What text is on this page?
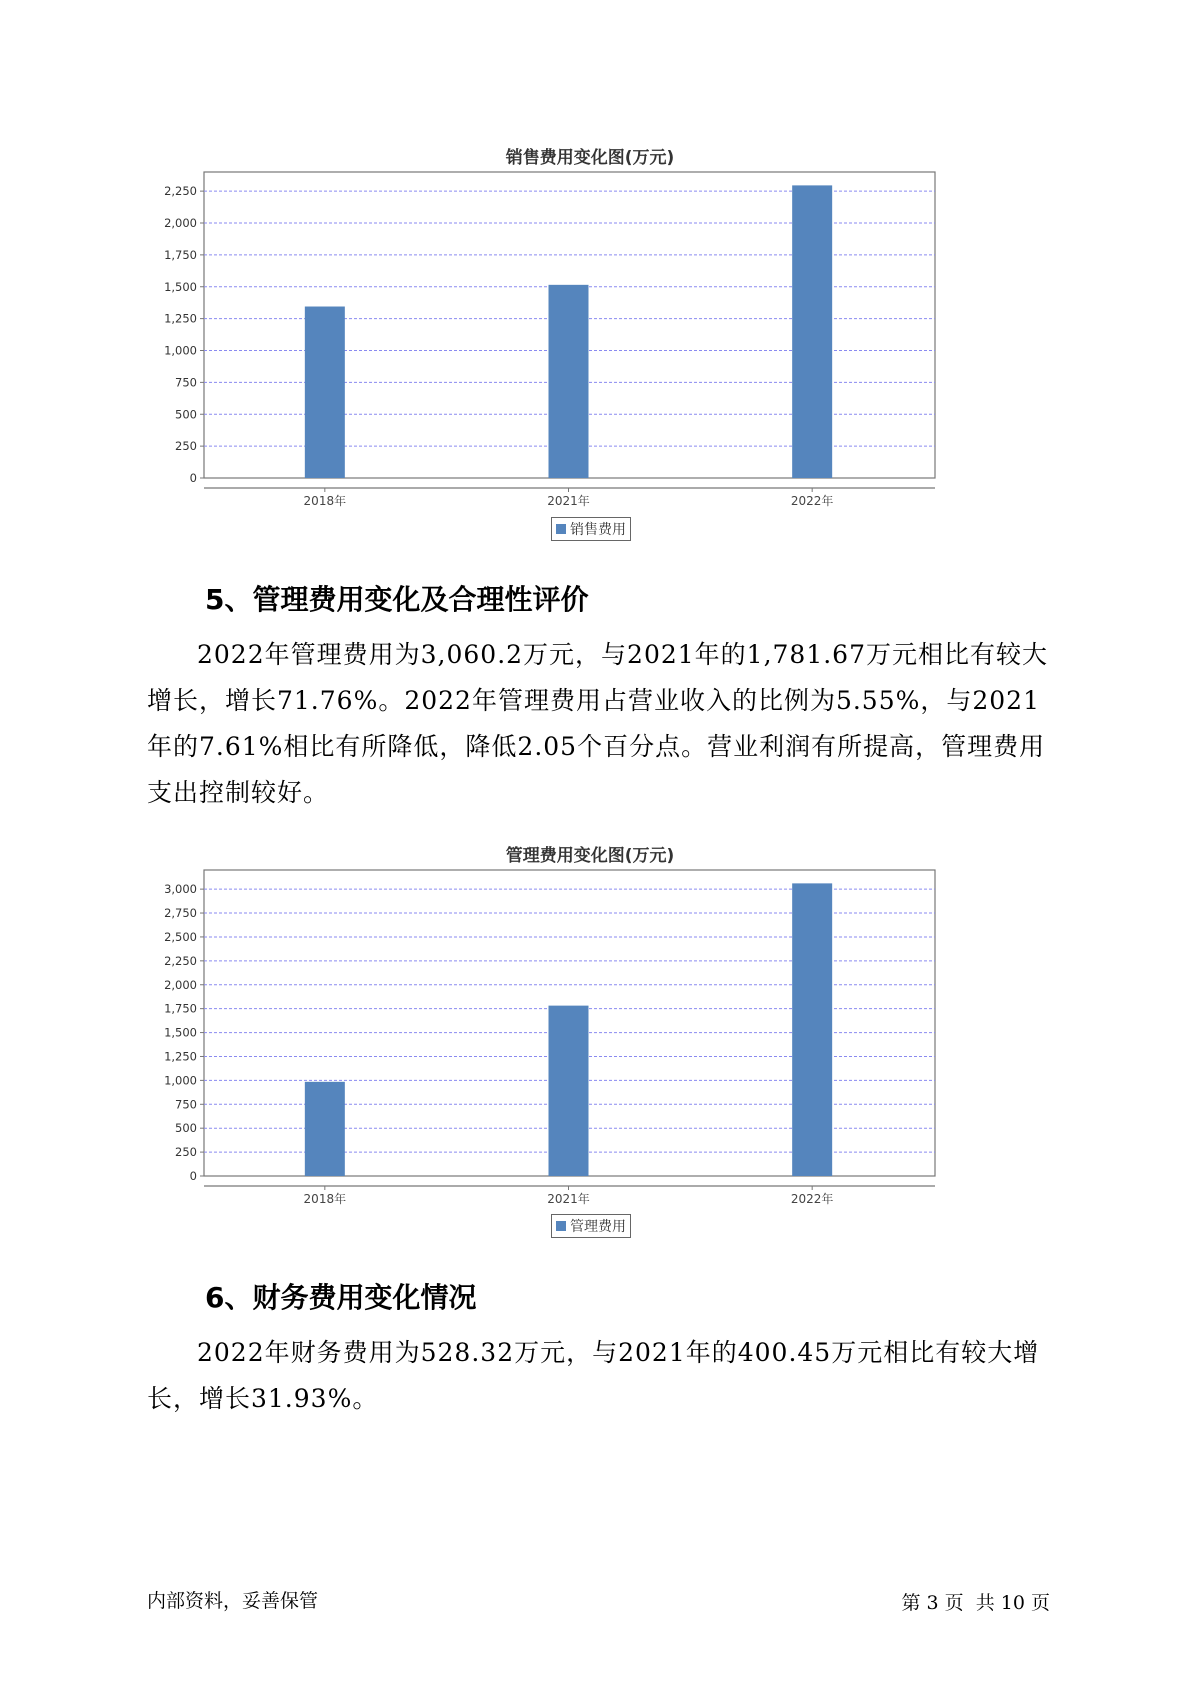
销售费用变化图(万元)
0
250
500
750
1,000
1,250
1,500
1,750
2,000
2,250
2018年	2021年	2022年
销售费用
5、管理费用变化及合理性评价
2022年管理费用为3,060.2万元，与2021年的1,781.67万元相比有较大增长，增长71.76%。2022年管理费用占营业收入的比例为5.55%，与2021年的7.61%相比有所降低，降低2.05个百分点。营业利润有所提高，管理费用支出控制较好。
管理费用变化图(万元)
0
250
500
750
1,000
1,250
1,500
1,750
2,000
2,250
2,500
2,750
3,000
2018年	2021年	2022年
管理费用
6、财务费用变化情况
2022年财务费用为528.32万元，与2021年的400.45万元相比有较大增长，增长31.93%。
内部资料，妥善保管	第 3 页  共 10 页
